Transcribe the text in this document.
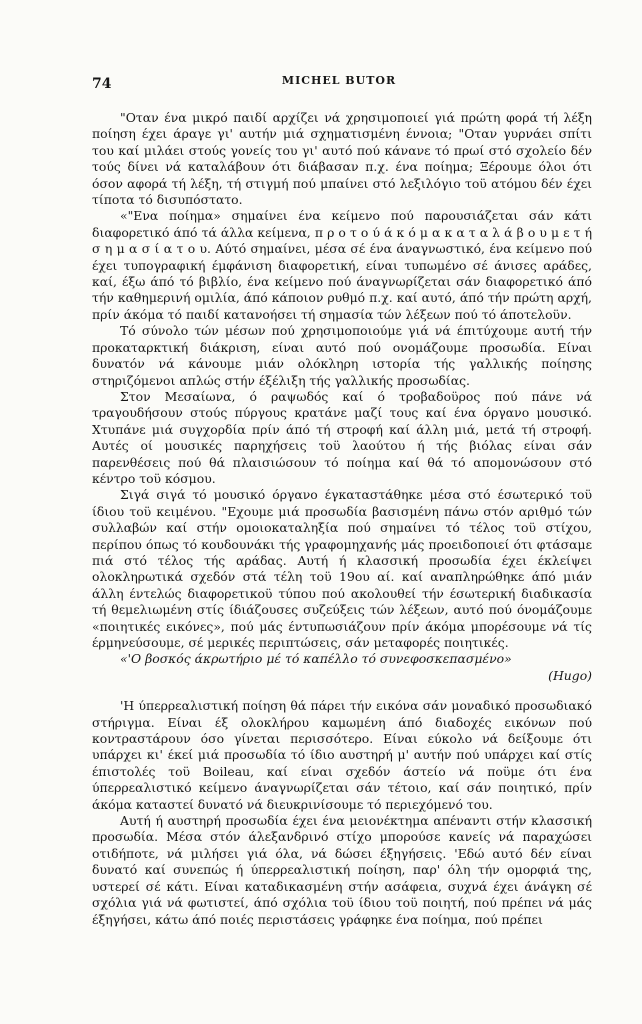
74	MICHEL BUTOR

"Οταν ένα μικρό παιδί αρχίζει νά χρησιμοποιεί γιά πρώτη φορά τή λέξη ποίηση έχει άραγε γι' αυτήν μιά σχηματισμένη έννοια; "Οταν γυρνάει σπίτι του καί μιλάει στούς γονείς του γι' αυτό πού κάνανε τό πρωί στό σχολείο δέν τούς δίνει νά καταλάβουν ότι διάβασαν π.χ. ένα ποίημα; Ξέρουμε όλοι ότι όσον αφορά τή λέξη, τή στιγμή πού μπαίνει στό λεξιλόγιο τοϋ ατόμου δέν έχει τίποτα τό δισυπόστατο.

«"Ενα ποίημα» σημαίνει ένα κείμενο πού παρουσιάζεται σάν κάτι διαφορετικό άπό τά άλλα κείμενα, π ρ ο τ ο ύ ά κ ό μ α κ α τ α λ ά β ο υ μ ε τ ή σ η μ α σ ί α τ ο υ. Αύτό σημαίνει, μέσα σέ ένα άναγνωστικό, ένα κείμενο πού έχει τυπογραφική έμφάνιση διαφορετική, είναι τυπωμένο σέ άνισες αράδες, καί, έξω άπό τό βιβλίο, ένα κείμενο πού άναγνωρίζεται σάν διαφορετικό άπό τήν καθημερινή ομιλία, άπό κάποιον ρυθμό π.χ. καί αυτό, άπό τήν πρώτη αρχή, πρίν άκόμα τό παιδί κατανοήσει τή σημασία τών λέξεων πού τό άποτελοϋν.

Τό σύνολο τών μέσων πού χρησιμοποιούμε γιά νά έπιτύχουμε αυτή τήν προκαταρκτική διάκριση, είναι αυτό πού ονομάζουμε προσωδία. Είναι δυνατόν νά κάνουμε μιάν ολόκληρη ιστορία τής γαλλικής ποίησης στηριζόμενοι απλώς στήν έξέλιξη τής γαλλικής προσωδίας.

Στον Μεσαίωνα, ό ραψωδός καί ό τροβαδοϋρος πού πάνε νά τραγουδήσουν στούς πύργους κρατάνε μαζί τους καί ένα όργανο μουσικό. Χτυπάνε μιά συγχορδία πρίν άπό τή στροφή καί άλλη μιά, μετά τή στροφή. Αυτές οί μουσικές παρηχήσεις τοϋ λαούτου ή τής βιόλας είναι σάν παρενθέσεις πού θά πλαισιώσουν τό ποίημα καί θά τό απομονώσουν στό κέντρο τοϋ κόσμου.

Σιγά σιγά τό μουσικό όργανο έγκαταστάθηκε μέσα στό έσωτερικό τοϋ ίδιου τοϋ κειμένου. "Εχουμε μιά προσωδία βασισμένη πάνω στόν αριθμό τών συλλαβών καί στήν ομοιοκαταληξία πού σημαίνει τό τέλος τοϋ στίχου, περίπου όπως τό κουδουνάκι τής γραφομηχανής μάς προειδοποιεί ότι φτάσαμε πιά στό τέλος τής αράδας. Αυτή ή κλασσική προσωδία έχει έκλείψει ολοκληρωτικά σχεδόν στά τέλη τοϋ 19ου αί. καί αναπληρώθηκε άπό μιάν άλλη έντελώς διαφορετικοϋ τύπου πού ακολουθεί τήν έσωτερική διαδικασία τή θεμελιωμένη στίς ίδιάζουσες συζεύξεις τών λέξεων, αυτό πού όνομάζουμε «ποιητικές εικόνες», πού μάς έντυπωσιάζουν πρίν άκόμα μπορέσουμε νά τίς έρμηνεύσουμε, σέ μερικές περιπτώσεις, σάν μεταφορές ποιητικές.

«'Ο βοσκός άκρωτήριο μέ τό καπέλλο τό συνεφοσκεπασμένο»

(Hugo)

'Η ύπερρεαλιστική ποίηση θά πάρει τήν εικόνα σάν μοναδικό προσωδιακό στήριγμα. Είναι έξ ολοκλήρου καμωμένη άπό διαδοχές εικόνων πού κοντραστάρουν όσο γίνεται περισσότερο. Είναι εύκολο νά δείξουμε ότι υπάρχει κι' έκεί μιά προσωδία τό ίδιο αυστηρή μ' αυτήν πού υπάρχει καί στίς έπιστολές τοϋ Boileau, καί είναι σχεδόν άστείο νά ποϋμε ότι ένα ύπερρεαλιστικό κείμενο άναγνωρίζεται σάν τέτοιο, καί σάν ποιητικό, πρίν άκόμα καταστεί δυνατό νά διευκρινίσουμε τό περιεχόμενό του.

Αυτή ή αυστηρή προσωδία έχει ένα μειονέκτημα απέναντι στήν κλασσική προσωδία. Μέσα στόν άλεξανδρινό στίχο μπορούσε κανείς νά παραχώσει οτιδήποτε, νά μιλήσει γιά όλα, νά δώσει έξηγήσεις. 'Εδώ αυτό δέν είναι δυνατό καί συνεπώς ή ύπερρεαλιστική ποίηση, παρ' όλη τήν ομορφιά της, υστερεί σέ κάτι. Είναι καταδικασμένη στήν ασάφεια, συχνά έχει άνάγκη σέ σχόλια γιά νά φωτιστεί, άπό σχόλια τοϋ ίδιου τοϋ ποιητή, πού πρέπει νά μάς έξηγήσει, κάτω άπό ποιές περιστάσεις γράφηκε ένα ποίημα, πού πρέπει
